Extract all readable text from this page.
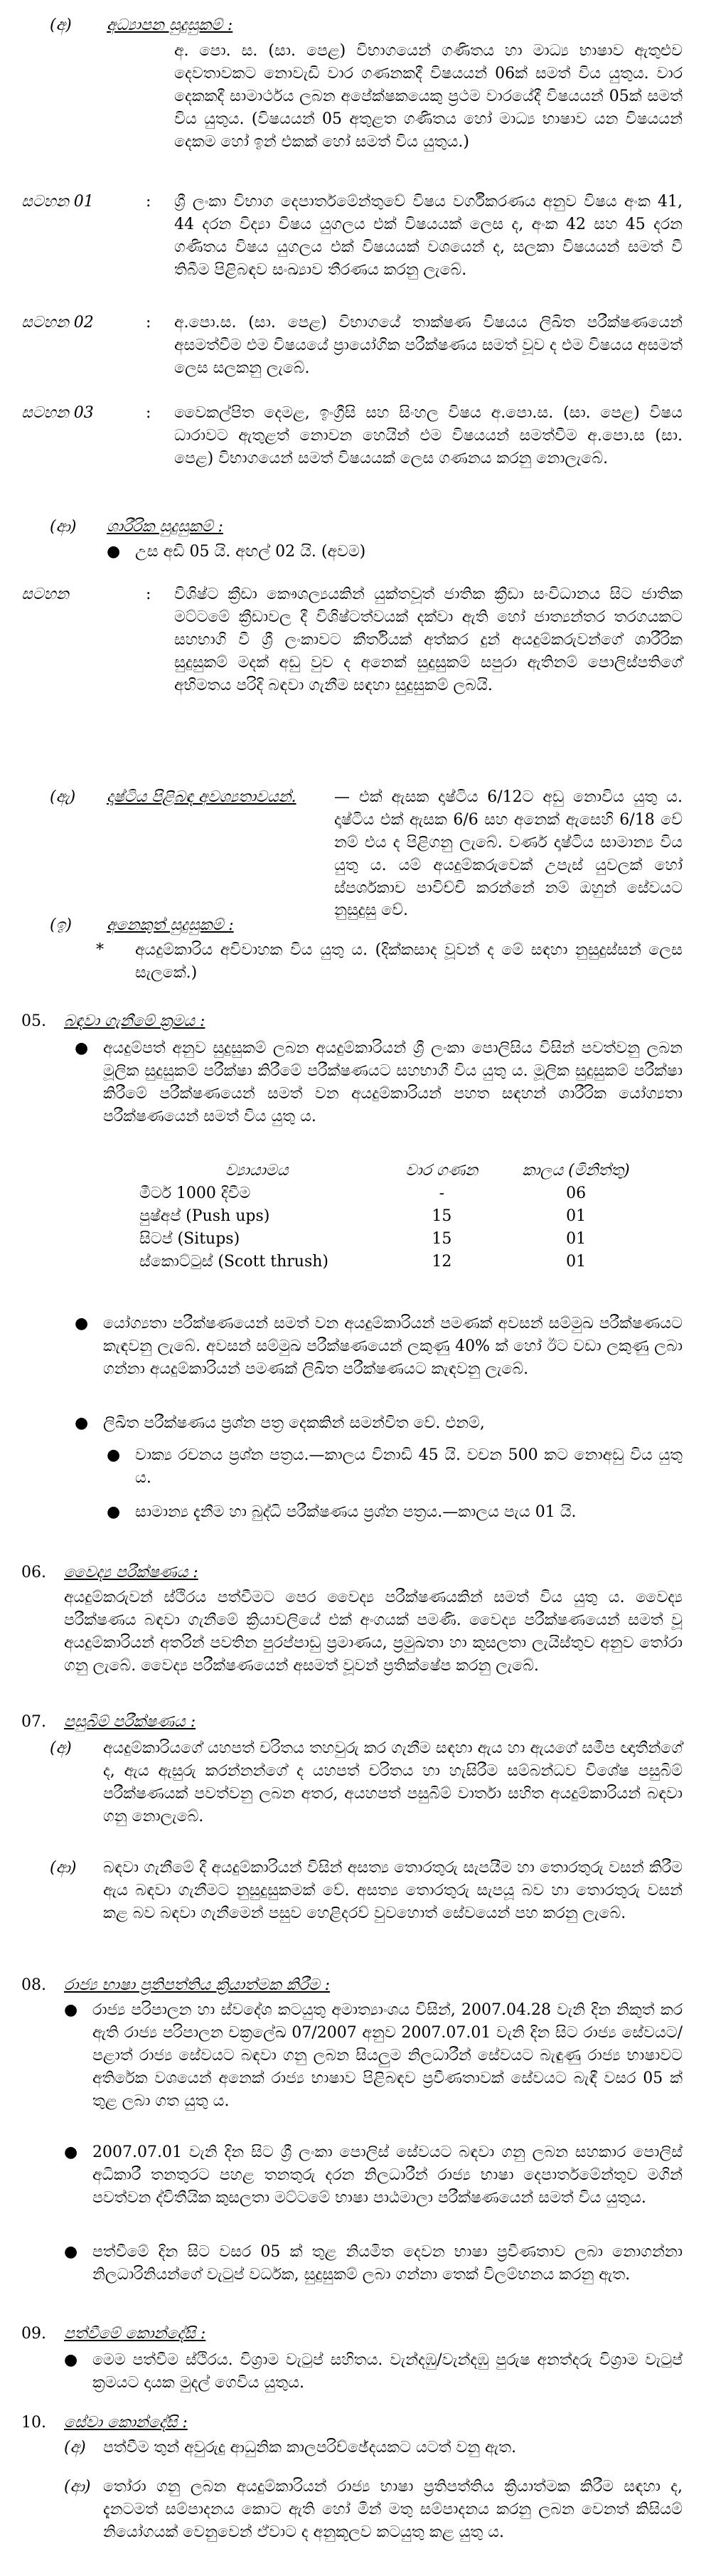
(අ) අධ්‍යාපන සුදුසුකම් :
අ. පො. ස. (සා. පෙළ) විභාගයෙන් ගණිතය හා මාධ්‍ය භාෂාව ඇතුළුව දෙවතාවකට නොවැඩි වාර ගණනකදී විෂයයන් 06ක් සමත් විය යුතුය. වාර දෙකකදී සාමාර්ථය ලබන අපේක්ෂකයෙකු ප්‍රථම වාරයේදී විෂයයන් 05ක් සමත් විය යුතුය. (විෂයයන් 05 අතුළත ගණිතය හෝ මාධ්‍ය භාෂාව යන විෂයයන් දෙකම හෝ ඉන් එකක් හෝ සමත් විය යුතුය.)
සටහන 01	: ශ්‍රී ලංකා විභාග දෙපාර්තමේන්තුවේ විෂය වර්ගීකරණය අනුව විෂය අංක 41, 44 දරන විද්‍යා විෂය යුගලය එක් විෂයයක් ලෙස ද, අංක 42 සහ 45 දරන ගණිතය විෂය යුගලය එක් විෂයයක් වශයෙන් ද, සලකා විෂයයන් සමත් වී තිබීම පිළිබඳව සංඛ්‍යාව තීරණය කරනු ලැබේ.
සටහන 02	: අ.පො.ස. (සා. පෙළ) විභාගයේ තාක්ෂණ විෂයය ලිඛිත පරීක්ෂණයෙන් අසමත්වීම එම විෂයයේ ප්‍රායෝගික පරීක්ෂණය සමත් වූව ද එම විෂයය අසමත් ලෙස සලකනු ලැබේ.
සටහන 03	: වෛකල්පිත දෙමළ, ඉංග්‍රීසි සහ සිංහල විෂය අ.පො.ස. (සා. පෙළ) විෂය ධාරාවට ඇතුළත් නොවන හෙයින් එම විෂයයන් සමත්වීම අ.පො.ස (සා. පෙළ) විභාගයෙන් සමත් විෂයයක් ලෙස ගණනය කරනු නොලැබේ.
(ආ) ශාරීරික සුදුසුකම් :
● උස අඩි 05 යි. අඟල් 02 යි. (අවම)
සටහන	: විශිෂ්ට ක්‍රීඩා කෞශල්‍යයකින් යුක්තවූත් ජාතික ක්‍රීඩා සංවිධානය සිට ජාතික මට්ටමේ ක්‍රීඩාවල දී විශිෂ්ටත්වයක් දක්වා ඇති හෝ ජාත්‍යන්තර තරගයකට සහභාගි වී ශ්‍රී ලංකාවට කීර්තියක් අත්කර දුන් අයදුම්කරුවන්ගේ ශාරීරික සුදුසුකම් මදක් අඩු වුව ද අනෙක් සුදුසුකම් සපුරා ඇතිනම් පොලිස්පතිගේ අභිමතය පරිදි බඳවා ගැනීම සඳහා සුදුසුකම් ලබයි.
(ඇ) දෘෂ්ටිය පිළිබඳ අවශ්‍යතාවයන්.	— එක් ඇසක දෘෂ්ටිය 6/12ට අඩු නොවිය යුතු ය. දෘෂ්ටිය එක් ඇසක 6/6 සහ අනෙක් ඇසෙහි 6/18 වේ නම් එය ද පිළිගනු ලැබේ. වර්ණ දෘෂ්ටිය සාමාන්‍ය විය යුතු ය. යම් අයදුම්කරුවෙක් උපැස් යුවලක් හෝ ස්පර්ශකාච පාවිච්චි කරන්නේ නම් ඔහුන් සේවයට නුසුදුසු වේ.
(ඉ) අනෙකුත් සුදුසුකම් :
* අයදුම්කාරිය අවිවාහක විය යුතු ය. (දික්කසාද වූවන් ද මේ සඳහා නුසුදුස්සන් ලෙස සැලකේ.)
05. බඳවා ගැනීමේ ක්‍රමය :
● අයදුම්පත් අනුව සුදුසුකම් ලබන අයදුම්කාරියන් ශ්‍රී ලංකා පොලිසිය විසින් පවත්වනු ලබන මූලික සුදුසුකම් පරීක්ෂා කිරීමේ පරීක්ෂණයට සහභාගී විය යුතු ය. මූලික සුදුසුකම් පරීක්ෂා කිරීමේ පරීක්ෂණයෙන් සමත් වන අයදුම්කාරියන් පහත සඳහන් ශාරීරික යෝග්‍යතා පරීක්ෂණයෙන් සමත් විය යුතු ය.
ව්‍යායාමය	වාර ගණන	කාලය (මිනිත්තු)
මීටර් 1000 දිවීම	-	06
පුෂ්අප් (Push ups)	15	01
සිටප් (Situps)	15	01
ස්කොට්ටුස් (Scott thrush)	12	01
● යෝග්‍යතා පරීක්ෂණයෙන් සමත් වන අයදුම්කාරියන් පමණක් අවසන් සම්මුඛ පරීක්ෂණයට කැඳවනු ලැබේ. අවසන් සම්මුඛ පරීක්ෂණයෙන් ලකුණු 40% ක් හෝ ඊට වඩා ලකුණු ලබා ගන්නා අයදුම්කාරියන් පමණක් ලිඛිත පරීක්ෂණයට කැඳවනු ලැබේ.
● ලිඛිත පරීක්ෂණය ප්‍රශ්න පත්‍ර දෙකකින් සමන්විත වේ. එනම්,
● වාක්‍ය රචනය ප්‍රශ්න පත්‍රය.—කාලය විනාඩි 45 යි. වචන 500 කට නොඅඩු විය යුතු ය.
● සාමාන්‍ය දැනීම හා බුද්ධි පරීක්ෂණය ප්‍රශ්න පත්‍රය.—කාලය පැය 01 යි.
06. වෛද්‍ය පරීක්ෂණය :
අයදුම්කරුවන් ස්ථිරය පත්වීමට පෙර වෛද්‍ය පරීක්ෂණයකින් සමත් විය යුතු ය. වෛද්‍ය පරීක්ෂණය බඳවා ගැනීමේ ක්‍රියාවලියේ එක් අංගයක් පමණි. වෛද්‍ය පරීක්ෂණයෙන් සමත් වූ අයදුම්කාරියන් අතරින් පවතින පුරප්පාඩු ප්‍රමාණය, ප්‍රමුඛතා හා කුසලතා ලැයිස්තුව අනුව තෝරා ගනු ලැබේ. වෛද්‍ය පරීක්ෂණයෙන් අසමත් වූවන් ප්‍රතික්ෂේප කරනු ලැබේ.
07. පසුබිම් පරීක්ෂණය :
(අ) අයදුම්කාරියගේ යහපත් චරිතය තහවුරු කර ගැනීම සඳහා ඇය හා ඇයගේ සමීප ඥාතීන්ගේ ද, ඇය ඇසුරු කරන්නන්ගේ ද යහපත් චරිතය හා හැසිරීම සම්බන්ධව විශේෂ පසුබිම් පරීක්ෂණයක් පවත්වනු ලබන අතර, අයහපත් පසුබිම් වාර්තා සහිත අයදුම්කාරියන් බඳවා ගනු නොලැබේ.
(ආ) බඳවා ගැනීමේ දී අයදුම්කාරියන් විසින් අසත්‍ය තොරතුරු සැපයීම හා තොරතුරු වසන් කිරීම ඇය බඳවා ගැනීමට නුසුදුසුකමක් වේ. අසත්‍ය තොරතුරු සැපයූ බව හා තොරතුරු වසන් කළ බව බඳවා ගැනීමෙන් පසුව හෙළිදරව් වුවහොත් සේවයෙන් පහ කරනු ලැබේ.
08. රාජ්‍ය භාෂා ප්‍රතිපත්තිය ක්‍රියාත්මක කිරීම :
● රාජ්‍ය පරිපාලන හා ස්වදේශ කටයුතු අමාත්‍යාංශය විසින්, 2007.04.28 වැනි දින නිකුත් කර ඇති රාජ්‍ය පරිපාලන චක්‍රලේඛ 07/2007 අනුව 2007.07.01 වැනි දින සිට රාජ්‍ය සේවයට/පළාත් රාජ්‍ය සේවයට බඳවා ගනු ලබන සියලුම නිලධාරීන් සේවයට බැඳුණු රාජ්‍ය භාෂාවට අතිරේක වශයෙන් අනෙක් රාජ්‍ය භාෂාව පිළිබඳව ප්‍රවීණතාවක් සේවයට බැඳී වසර 05 ක් තුළ ලබා ගත යුතු ය.
● 2007.07.01 වැනි දින සිට ශ්‍රී ලංකා පොලිස් සේවයට බඳවා ගනු ලබන සහකාර පොලිස් අධිකාරී තනතුරට පහළ තනතුරු දරන නිලධාරීන් රාජ්‍ය භාෂා දෙපාර්තමේන්තුව මගින් පවත්වන ද්විතීයික කුසලතා මට්ටමේ භාෂා පාඨමාලා පරීක්ෂණයෙන් සමත් විය යුතුය.
● පත්වීමේ දින සිට වසර 05 ක් තුළ නියමිත දෙවන භාෂා ප්‍රවීණතාව ලබා නොගන්නා නිලධාරිනියන්ගේ වැටුප් වර්ධක, සුදුසුකම් ලබා ගන්නා තෙක් විලම්භනය කරනු ඇත.
09. පත්වීමේ කොන්දේසි :
● මෙම පත්වීම ස්ථිරය. විශ්‍රාම වැටුප් සහිතය. වැන්දඹු/වැන්දඹු පුරුෂ අනත්දරු විශ්‍රාම වැටුප් ක්‍රමයට දායක මුදල් ගෙවිය යුතුය.
10. සේවා කොන්දේසි :
(අ) පත්වීම තුන් අවුරුදු ආධුනික කාලපරිච්ඡේදයකට යටත් වනු ඇත.
(ආ) තෝරා ගනු ලබන අයදුම්කාරියන් රාජ්‍ය භාෂා ප්‍රතිපත්තිය ක්‍රියාත්මක කිරීම සඳහා ද, දැනටමත් සම්පාදනය කොට ඇති හෝ මින් මතු සම්පාදනය කරනු ලබන වෙනත් කිසියම් නියෝගයක් වෙනුවෙන් ඒවාට ද අනුකූලව කටයුතු කළ යුතු ය.
